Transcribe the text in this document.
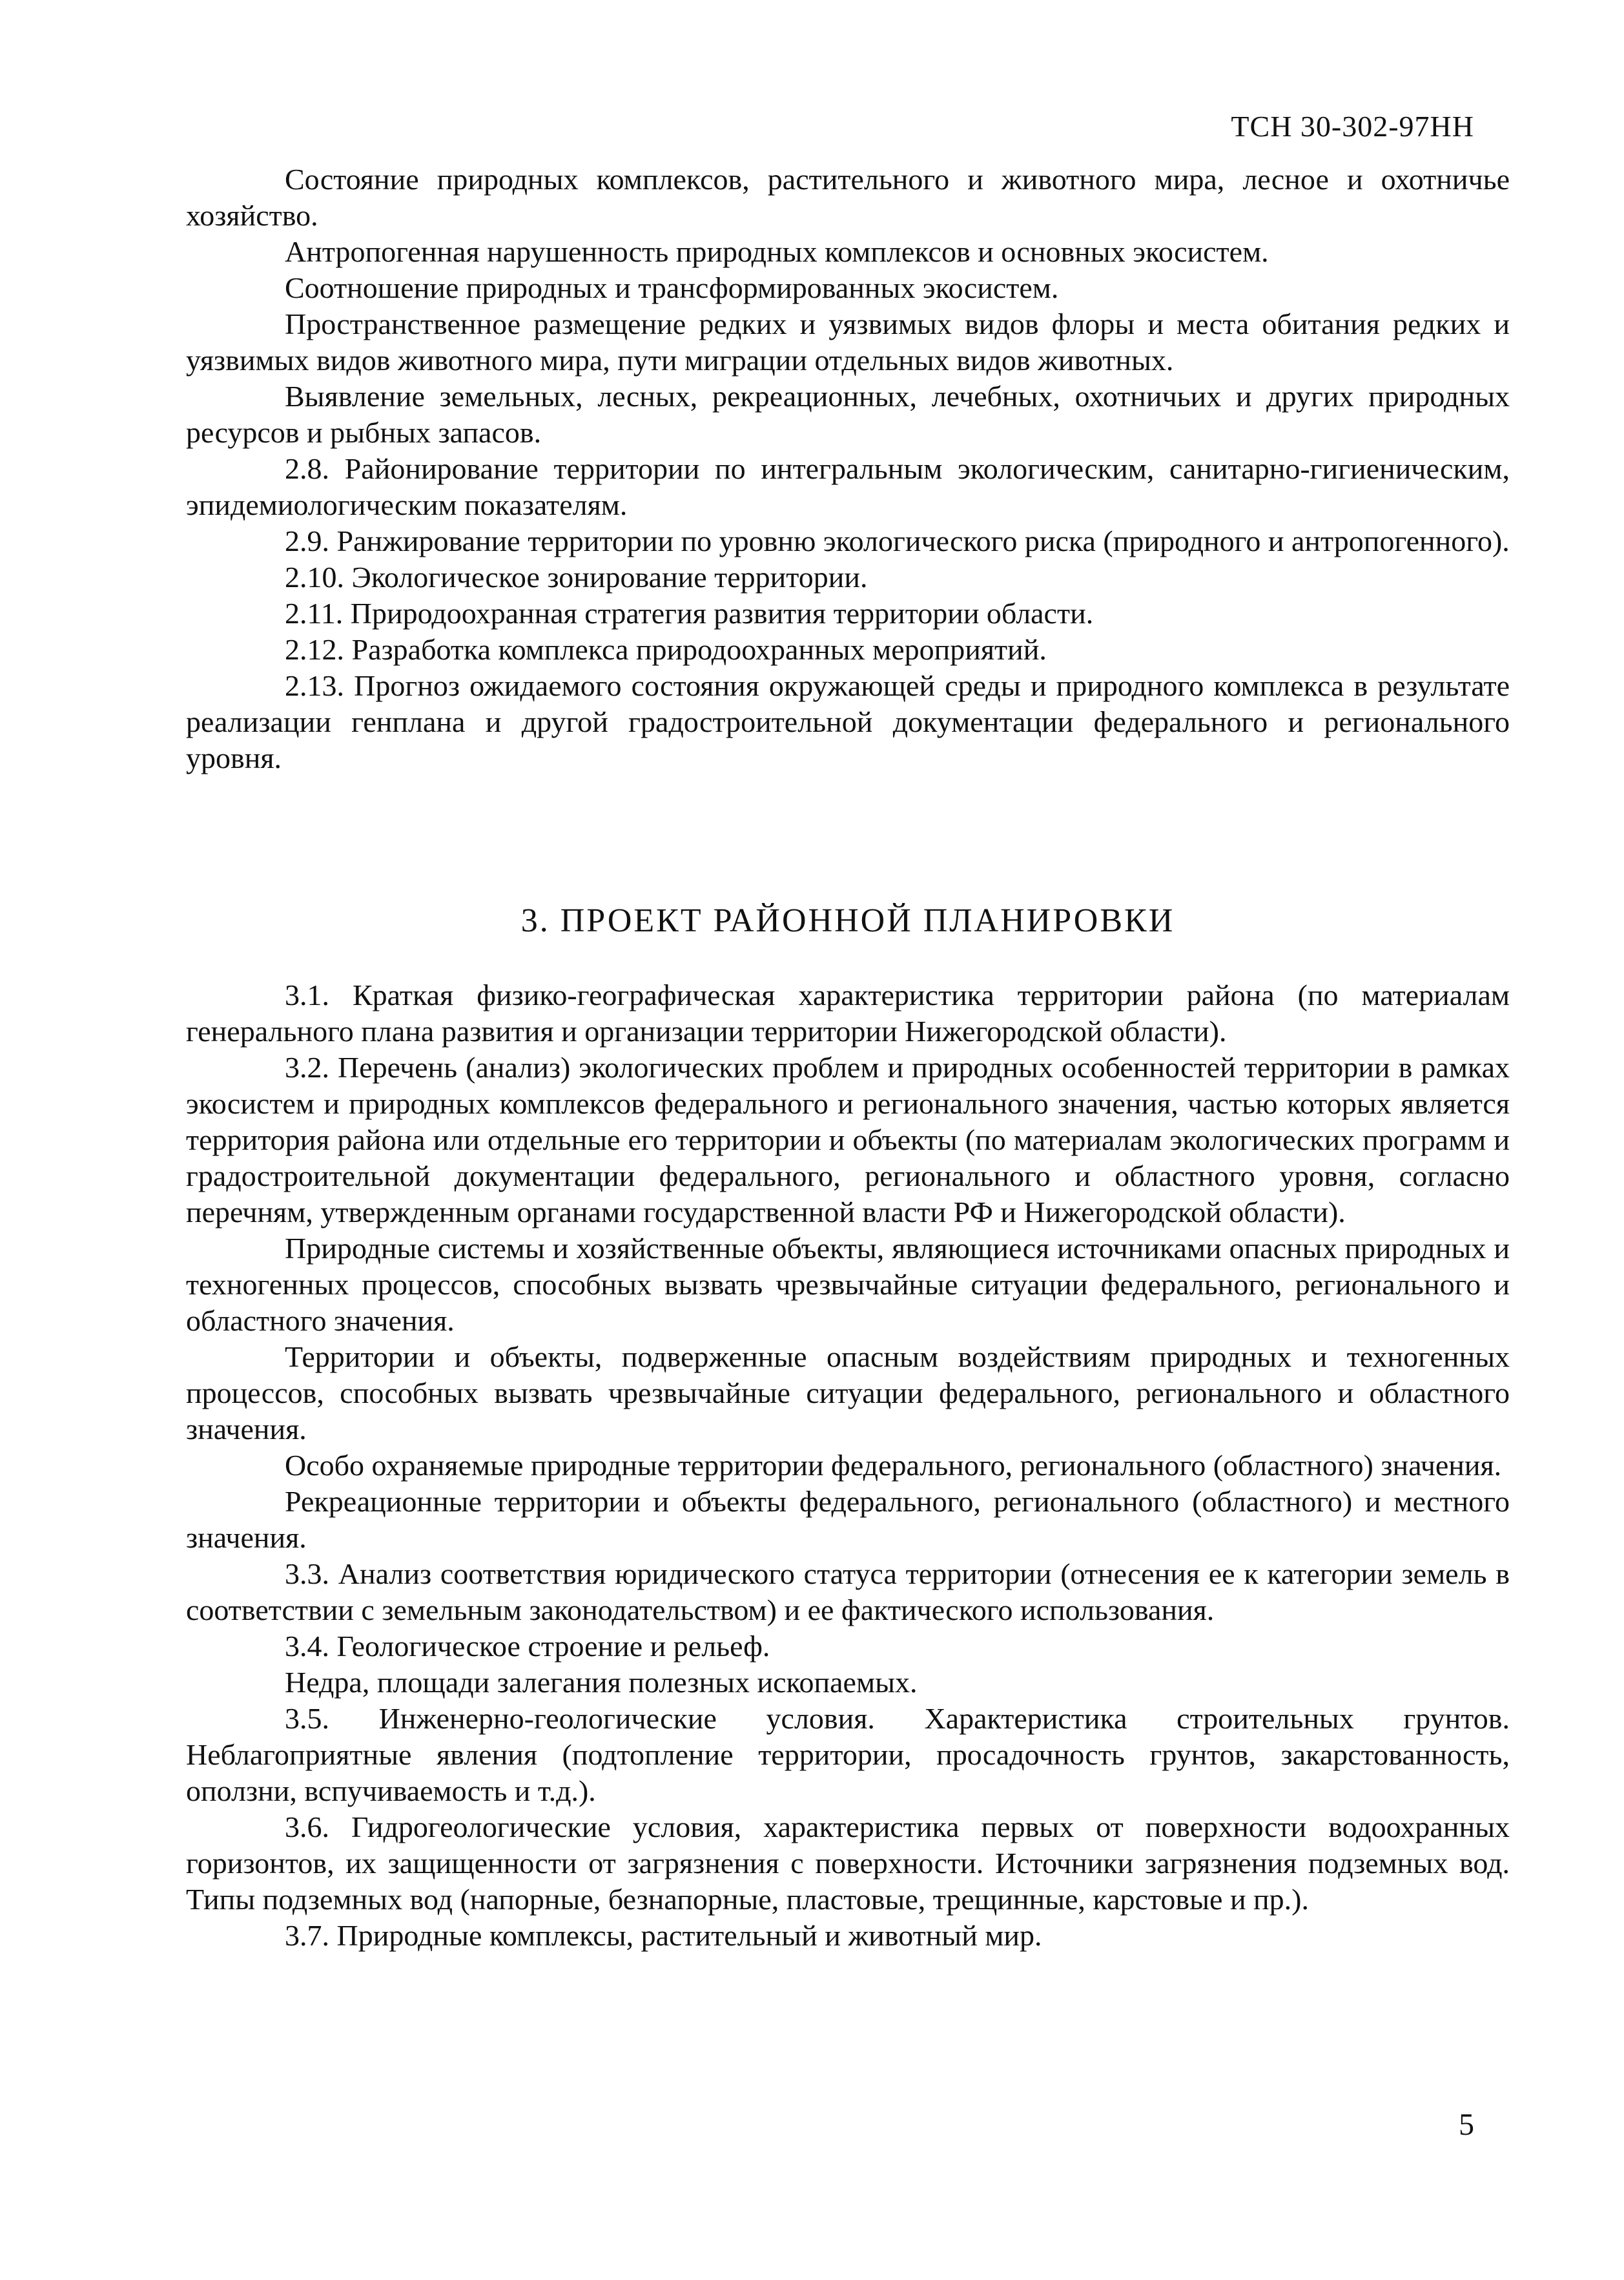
ТСН 30-302-97НН

Состояние природных комплексов, растительного и животного мира, лесное и охотничье хозяйство.

Антропогенная нарушенность природных комплексов и основных экосистем.

Соотношение природных и трансформированных экосистем.

Пространственное размещение редких и уязвимых видов флоры и места обитания редких и уязвимых видов животного мира, пути миграции отдельных видов животных.

Выявление земельных, лесных, рекреационных, лечебных, охотничьих и других природных ресурсов и рыбных запасов.

2.8. Районирование территории по интегральным экологическим, санитарно-гигиеническим, эпидемиологическим показателям.

2.9. Ранжирование территории по уровню экологического риска (природного и антропогенного).

2.10. Экологическое зонирование территории.

2.11. Природоохранная стратегия развития территории области.

2.12. Разработка комплекса природоохранных мероприятий.

2.13. Прогноз ожидаемого состояния окружающей среды и природного комплекса в результате реализации генплана и другой градостроительной документации федерального и регионального уровня.

3. ПРОЕКТ РАЙОННОЙ ПЛАНИРОВКИ

3.1. Краткая физико-географическая характеристика территории района (по материалам генерального плана развития и организации территории Нижегородской области).

3.2. Перечень (анализ) экологических проблем и природных особенностей территории в рамках экосистем и природных комплексов федерального и регионального значения, частью которых является территория района или отдельные его территории и объекты (по материалам экологических программ и градостроительной документации федерального, регионального и областного уровня, согласно перечням, утвержденным органами государственной власти РФ и Нижегородской области).

Природные системы и хозяйственные объекты, являющиеся источниками опасных природных и техногенных процессов, способных вызвать чрезвычайные ситуации федерального, регионального и областного значения.

Территории и объекты, подверженные опасным воздействиям природных и техногенных процессов, способных вызвать чрезвычайные ситуации федерального, регионального и областного значения.

Особо охраняемые природные территории федерального, регионального (областного) значения.

Рекреационные территории и объекты федерального, регионального (областного) и местного значения.

3.3. Анализ соответствия юридического статуса территории (отнесения ее к категории земель в соответствии с земельным законодательством) и ее фактического использования.

3.4. Геологическое строение и рельеф.

Недра, площади залегания полезных ископаемых.

3.5. Инженерно-геологические условия. Характеристика строительных грунтов. Неблагоприятные явления (подтопление территории, просадочность грунтов, закарстованность, оползни, вспучиваемость и т.д.).

3.6. Гидрогеологические условия, характеристика первых от поверхности водоохранных горизонтов, их защищенности от загрязнения с поверхности. Источники загрязнения подземных вод. Типы подземных вод (напорные, безнапорные, пластовые, трещинные, карстовые и пр.).

3.7. Природные комплексы, растительный и животный мир.

5
